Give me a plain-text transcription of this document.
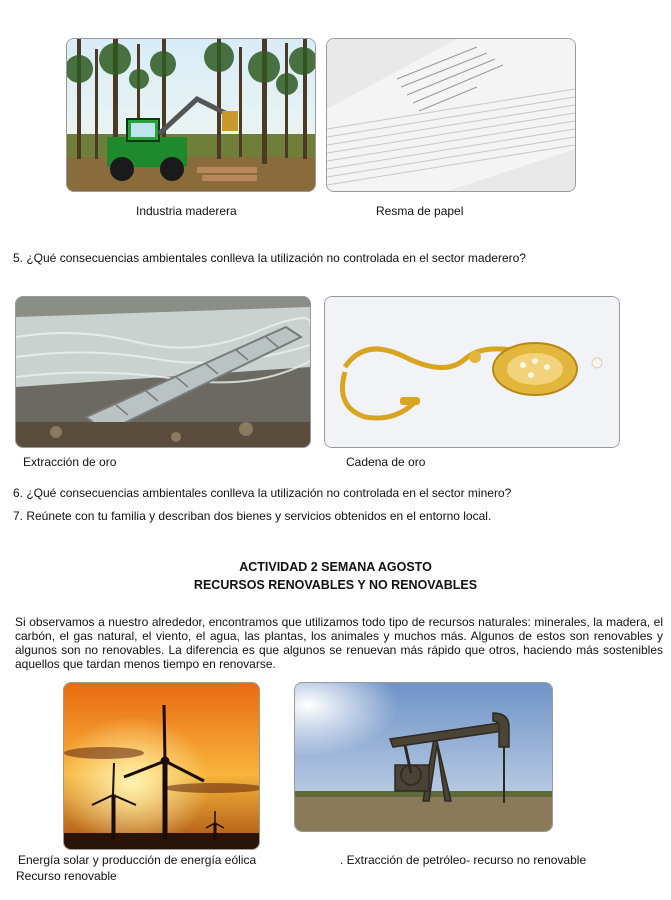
Industria maderera	Resma de papel
5. ¿Qué consecuencias ambientales conlleva la utilización no controlada en el sector maderero?
Extracción de oro	Cadena de oro
6. ¿Qué consecuencias ambientales conlleva la utilización no controlada en el sector minero?
7. Reúnete con tu familia y describan dos bienes y servicios obtenidos en el entorno local.
ACTIVIDAD 2 SEMANA AGOSTO
RECURSOS RENOVABLES Y NO RENOVABLES
Si observamos a nuestro alrededor, encontramos que utilizamos todo tipo de recursos naturales: minerales, la madera, el carbón, el gas natural, el viento, el agua, las plantas, los animales y muchos más. Algunos de estos son renovables y algunos son no renovables. La diferencia es que algunos se renuevan más rápido que otros, haciendo más sostenibles aquellos que tardan menos tiempo en renovarse.
Energía solar y producción de energía eólica
Recurso renovable
. Extracción de petróleo- recurso no renovable
